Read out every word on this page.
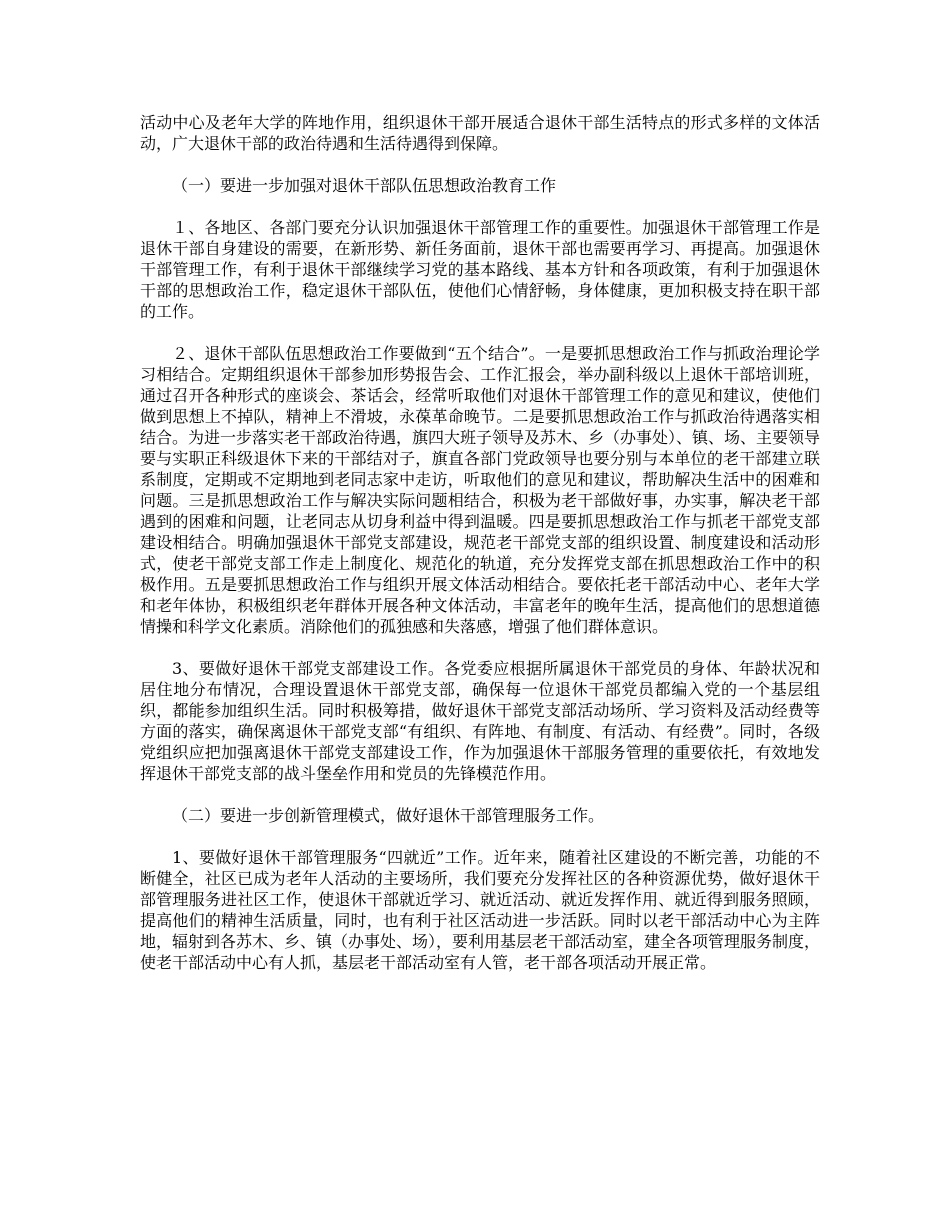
活动中心及老年大学的阵地作用，组织退休干部开展适合退休干部生活特点的形式多样的文体活动，广大退休干部的政治待遇和生活待遇得到保障。

（一）要进一步加强对退休干部队伍思想政治教育工作

１、各地区、各部门要充分认识加强退休干部管理工作的重要性。加强退休干部管理工作是退休干部自身建设的需要，在新形势、新任务面前，退休干部也需要再学习、再提高。加强退休干部管理工作，有利于退休干部继续学习党的基本路线、基本方针和各项政策，有利于加强退休干部的思想政治工作，稳定退休干部队伍，使他们心情舒畅，身体健康，更加积极支持在职干部的工作。

２、退休干部队伍思想政治工作要做到“五个结合”。一是要抓思想政治工作与抓政治理论学习相结合。定期组织退休干部参加形势报告会、工作汇报会，举办副科级以上退休干部培训班，通过召开各种形式的座谈会、茶话会，经常听取他们对退休干部管理工作的意见和建议，使他们做到思想上不掉队，精神上不滑坡，永葆革命晚节。二是要抓思想政治工作与抓政治待遇落实相结合。为进一步落实老干部政治待遇，旗四大班子领导及苏木、乡（办事处）、镇、场、主要领导要与实职正科级退休下来的干部结对子，旗直各部门党政领导也要分别与本单位的老干部建立联系制度，定期或不定期地到老同志家中走访，听取他们的意见和建议，帮助解决生活中的困难和问题。三是抓思想政治工作与解决实际问题相结合，积极为老干部做好事，办实事，解决老干部遇到的困难和问题，让老同志从切身利益中得到温暖。四是要抓思想政治工作与抓老干部党支部建设相结合。明确加强退休干部党支部建设，规范老干部党支部的组织设置、制度建设和活动形式，使老干部党支部工作走上制度化、规范化的轨道，充分发挥党支部在抓思想政治工作中的积极作用。五是要抓思想政治工作与组织开展文体活动相结合。要依托老干部活动中心、老年大学和老年体协，积极组织老年群体开展各种文体活动，丰富老年的晚年生活，提高他们的思想道德情操和科学文化素质。消除他们的孤独感和失落感，增强了他们群体意识。

3、要做好退休干部党支部建设工作。各党委应根据所属退休干部党员的身体、年龄状况和居住地分布情况，合理设置退休干部党支部，确保每一位退休干部党员都编入党的一个基层组织，都能参加组织生活。同时积极筹措，做好退休干部党支部活动场所、学习资料及活动经费等方面的落实，确保离退休干部党支部“有组织、有阵地、有制度、有活动、有经费”。同时，各级党组织应把加强离退休干部党支部建设工作，作为加强退休干部服务管理的重要依托，有效地发挥退休干部党支部的战斗堡垒作用和党员的先锋模范作用。

（二）要进一步创新管理模式，做好退休干部管理服务工作。

1、要做好退休干部管理服务“四就近”工作。近年来，随着社区建设的不断完善，功能的不断健全，社区已成为老年人活动的主要场所，我们要充分发挥社区的各种资源优势，做好退休干部管理服务进社区工作，使退休干部就近学习、就近活动、就近发挥作用、就近得到服务照顾，提高他们的精神生活质量，同时，也有利于社区活动进一步活跃。同时以老干部活动中心为主阵地，辐射到各苏木、乡、镇（办事处、场），要利用基层老干部活动室，建全各项管理服务制度，使老干部活动中心有人抓，基层老干部活动室有人管，老干部各项活动开展正常。
